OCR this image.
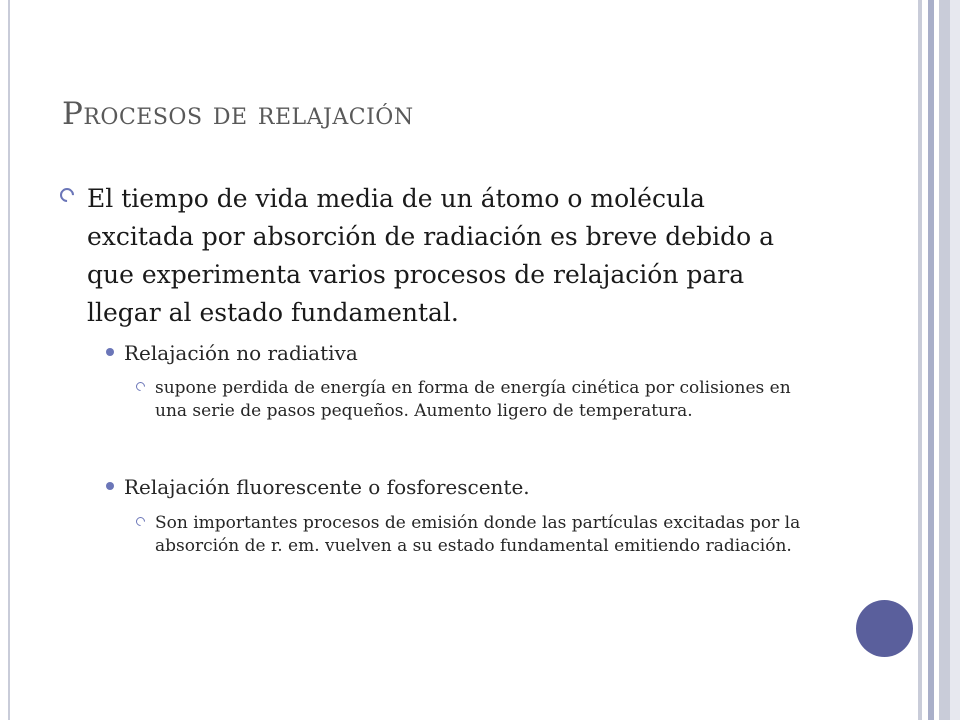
Procesos de relajación
El tiempo de vida media de un átomo o molécula excitada por absorción de radiación es breve debido a que experimenta varios procesos de relajación para llegar al estado fundamental.
Relajación no radiativa
supone perdida de energía en forma de energía cinética por colisiones en una serie de pasos pequeños. Aumento ligero de temperatura.
Relajación fluorescente o fosforescente.
Son importantes procesos de emisión donde las partículas excitadas por la absorción de r. em. vuelven a su estado fundamental emitiendo radiación.
